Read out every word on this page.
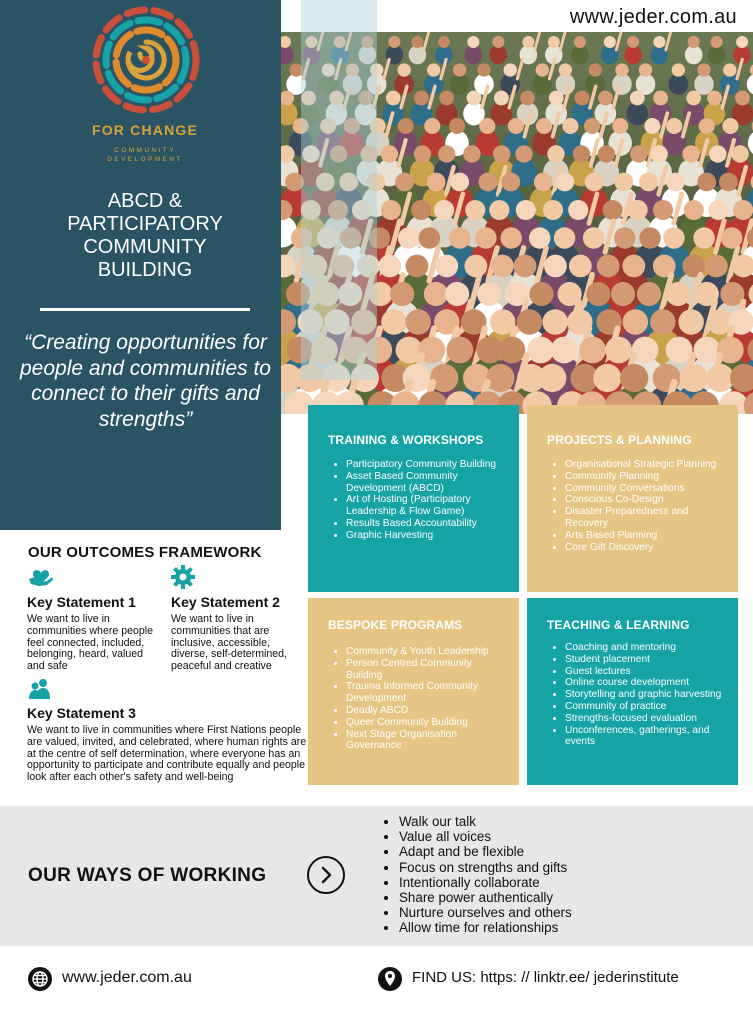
www.jeder.com.au
FOR CHANGE
COMMUNITY
DEVELOPMENT
ABCD &
PARTICIPATORY
COMMUNITY
BUILDING
“Creating opportunities for people and communities to connect to their gifts and strengths”
TRAINING & WORKSHOPS
• Participatory Community Building
• Asset Based Community Development (ABCD)
• Art of Hosting (Participatory Leadership & Flow Game)
• Results Based Accountability
• Graphic Harvesting
PROJECTS & PLANNING
• Organisational Strategic Planning
• Community Planning
• Community Conversations
• Conscious Co-Design
• Disaster Preparedness and Recovery
• Arts Based Planning
• Core Gift Discovery
BESPOKE PROGRAMS
• Community & Youth Leadership
• Person Centred Community Building
• Trauma Informed Community Development
• Deadly ABCD
• Queer Community Building
• Next Stage Organisation Governance
TEACHING & LEARNING
• Coaching and mentoring
• Student placement
• Guest lectures
• Online course development
• Storytelling and graphic harvesting
• Community of practice
• Strengths-focused evaluation
• Unconferences, gatherings, and events
OUR OUTCOMES FRAMEWORK
Key Statement 1
We want to live in communities where people feel connected, included, belonging, heard, valued and safe
Key Statement 2
We want to live in communities that are inclusive, accessible, diverse, self-determined, peaceful and creative
Key Statement 3
We want to live in communities where First Nations people are valued, invited, and celebrated, where human rights are at the centre of self determination, where everyone has an opportunity to participate and contribute equally and people look after each other's safety and well-being
OUR WAYS OF WORKING
• Walk our talk
• Value all voices
• Adapt and be flexible
• Focus on strengths and gifts
• Intentionally collaborate
• Share power authentically
• Nurture ourselves and others
• Allow time for relationships
www.jeder.com.au	FIND US: https: // linktr.ee/ jederinstitute
